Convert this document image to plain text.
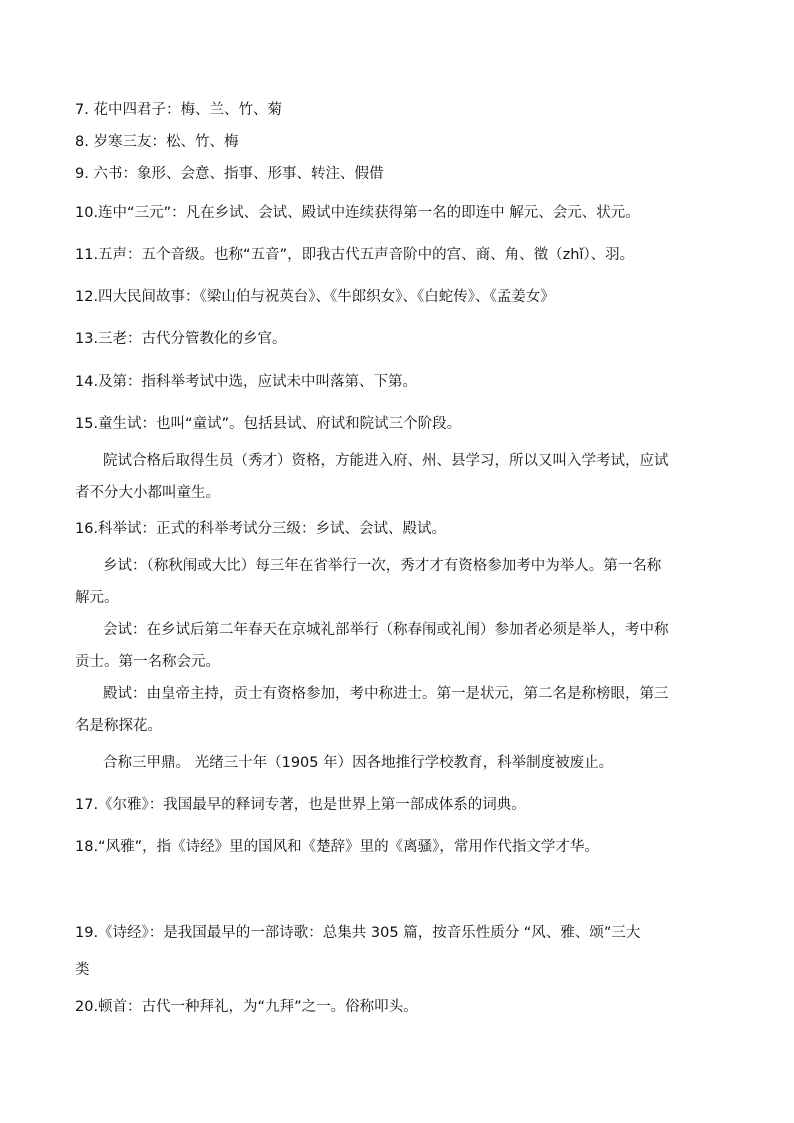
7. 花中四君子：梅、兰、竹、菊
8. 岁寒三友：松、竹、梅
9. 六书：象形、会意、指事、形事、转注、假借
10.连中“三元”：凡在乡试、会试、殿试中连续获得第一名的即连中 解元、会元、状元。
11.五声：五个音级。也称“五音”，即我古代五声音阶中的宫、商、角、徵（zhǐ）、羽。
12.四大民间故事：《梁山伯与祝英台》、《牛郎织女》、《白蛇传》、《孟姜女》
13.三老：古代分管教化的乡官。
14.及第：指科举考试中选，应试未中叫落第、下第。
15.童生试：也叫“童试”。包括县试、府试和院试三个阶段。
院试合格后取得生员（秀才）资格，方能进入府、州、县学习，所以又叫入学考试，应试
者不分大小都叫童生。
16.科举试：正式的科举考试分三级：乡试、会试、殿试。
乡试：（称秋闱或大比）每三年在省举行一次，秀才才有资格参加考中为举人。第一名称
解元。
会试：在乡试后第二年春天在京城礼部举行（称春闱或礼闱）参加者必须是举人，考中称
贡士。第一名称会元。
殿试：由皇帝主持，贡士有资格参加，考中称进士。第一是状元，第二名是称榜眼，第三
名是称探花。
合称三甲鼎。 光绪三十年（1905 年）因各地推行学校教育，科举制度被废止。
17.《尔雅》：我国最早的释词专著，也是世界上第一部成体系的词典。
18.“风雅”，指《诗经》里的国风和《楚辞》里的《离骚》，常用作代指文学才华。
19.《诗经》：是我国最早的一部诗歌：总集共 305 篇，按音乐性质分 “风、雅、颂”三大
类
20.顿首：古代一种拜礼，为“九拜”之一。俗称叩头。
